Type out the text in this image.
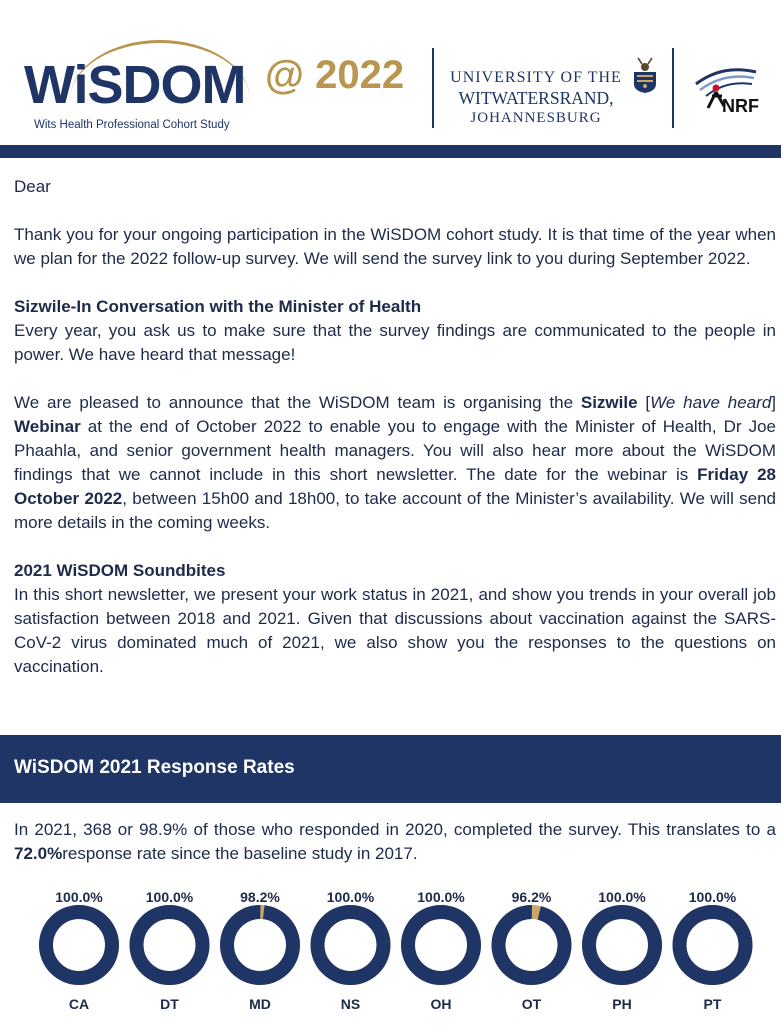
WiSDOM
Wits Health Professional Cohort Study
@ 2022	UNIVERSITY OF THE
WITWATERSRAND,
JOHANNESBURG
NRF

Dear

Thank you for your ongoing participation in the WiSDOM cohort study. It is that time of the year when we plan for the 2022 follow-up survey. We will send the survey link to you during September 2022.

Sizwile-In Conversation with the Minister of Health

Every year, you ask us to make sure that the survey findings are communicated to the people in power. We have heard that message!

We are pleased to announce that the WiSDOM team is organising the Sizwile [We have heard] Webinar at the end of October 2022 to enable you to engage with the Minister of Health, Dr Joe Phaahla, and senior government health managers. You will also hear more about the WiSDOM findings that we cannot include in this short newsletter. The date for the webinar is Friday 28 October 2022, between 15h00 and 18h00, to take account of the Minister’s availability. We will send more details in the coming weeks.

2021 WiSDOM Soundbites

In this short newsletter, we present your work status in 2021, and show you trends in your overall job satisfaction between 2018 and 2021. Given that discussions about vaccination against the SARS-CoV-2 virus dominated much of 2021, we also show you the responses to the questions on vaccination.

WiSDOM 2021 Response Rates

In 2021, 368 or 98.9% of those who responded in 2020, completed the survey. This translates to a 72.0%response rate since the baseline study in 2017.

100.0%
CA
100.0%
DT
98.2%
MD
100.0%
NS
100.0%
OH
96.2%
OT
100.0%
PH
100.0%
PT
